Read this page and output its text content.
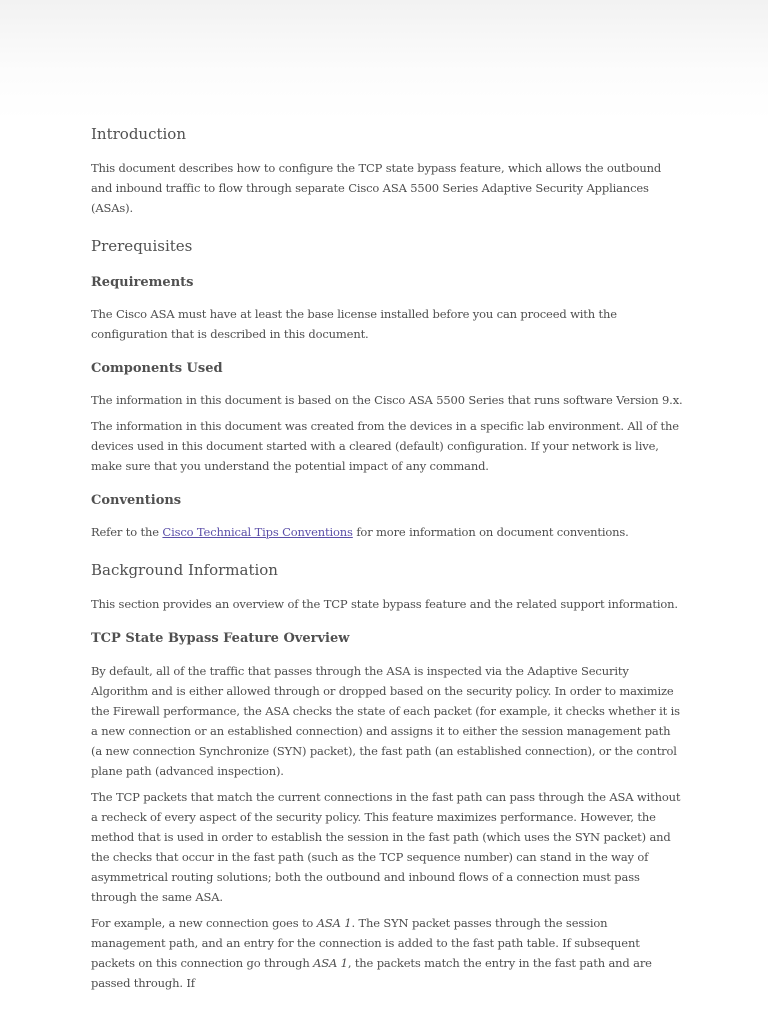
Introduction

This document describes how to configure the TCP state bypass feature, which allows the outbound and inbound traffic to flow through separate Cisco ASA 5500 Series Adaptive Security Appliances (ASAs).

Prerequisites
Requirements

The Cisco ASA must have at least the base license installed before you can proceed with the configuration that is described in this document.

Components Used

The information in this document is based on the Cisco ASA 5500 Series that runs software Version 9.x.

The information in this document was created from the devices in a specific lab environment. All of the devices used in this document started with a cleared (default) configuration. If your network is live, make sure that you understand the potential impact of any command.

Conventions

Refer to the Cisco Technical Tips Conventions for more information on document conventions.

Background Information

This section provides an overview of the TCP state bypass feature and the related support information.

TCP State Bypass Feature Overview

By default, all of the traffic that passes through the ASA is inspected via the Adaptive Security Algorithm and is either allowed through or dropped based on the security policy. In order to maximize the Firewall performance, the ASA checks the state of each packet (for example, it checks whether it is a new connection or an established connection) and assigns it to either the session management path (a new connection Synchronize (SYN) packet), the fast path (an established connection), or the control plane path (advanced inspection).

The TCP packets that match the current connections in the fast path can pass through the ASA without a recheck of every aspect of the security policy. This feature maximizes performance. However, the method that is used in order to establish the session in the fast path (which uses the SYN packet) and the checks that occur in the fast path (such as the TCP sequence number) can stand in the way of asymmetrical routing solutions; both the outbound and inbound flows of a connection must pass through the same ASA.

For example, a new connection goes to ASA 1. The SYN packet passes through the session management path, and an entry for the connection is added to the fast path table. If subsequent packets on this connection go through ASA 1, the packets match the entry in the fast path and are passed through. If
